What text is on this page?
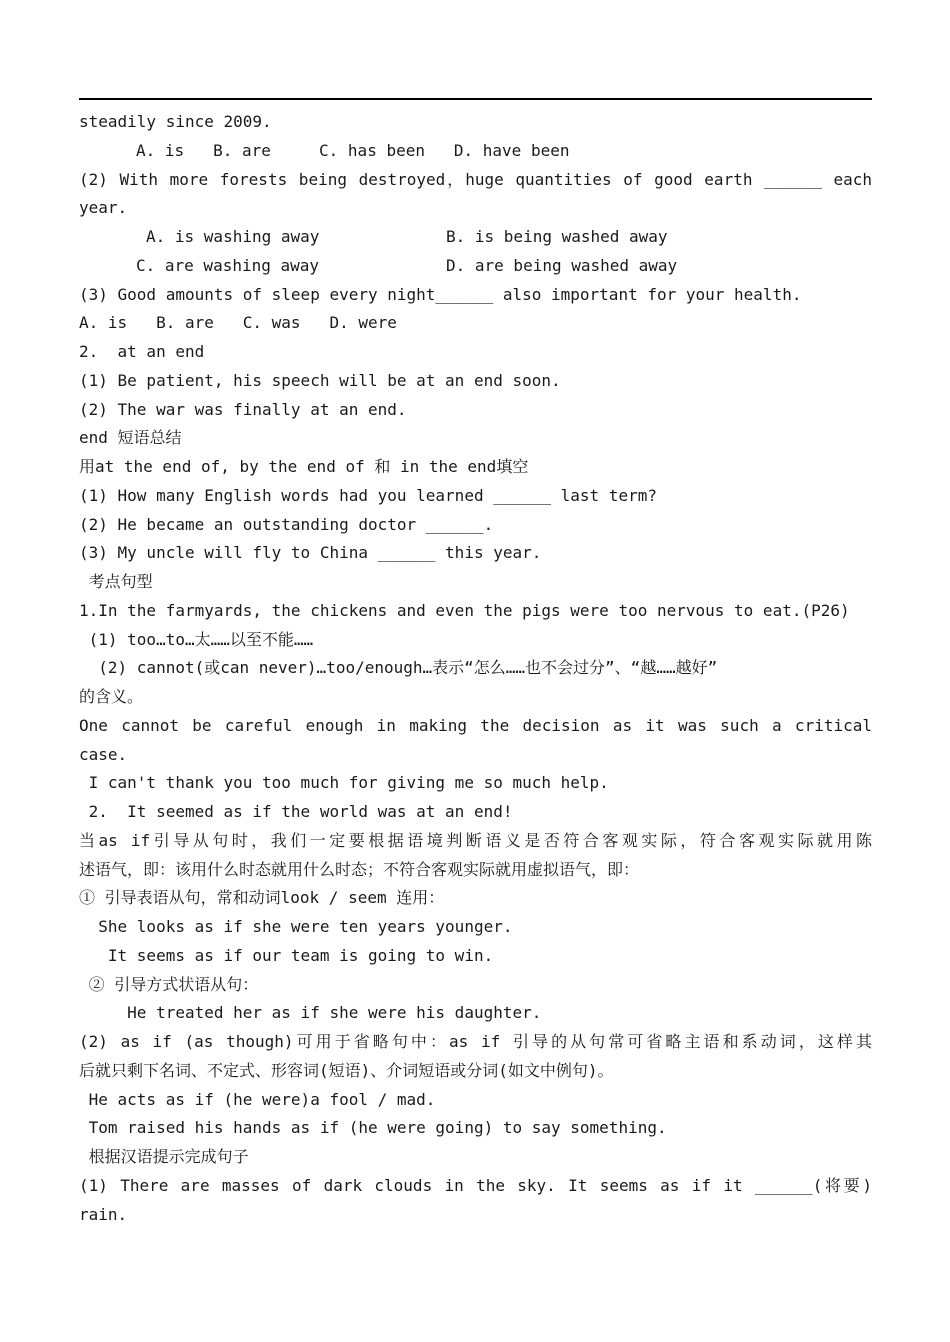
steadily since 2009.
A. is   B. are     C. has been   D. have been
(2) With more forests being destroyed，huge quantities of good earth ______ each
year.

A. is washing away

	B. is being washed away

C. are washing away

	D. are being washed away

(3) Good amounts of sleep every night______ also important for your health.
A. is   B. are   C. was   D. were
2.  at an end
(1) Be patient, his speech will be at an end soon.
(2) The war was finally at an end.
end 短语总结
用at the end of, by the end of 和 in the end填空
(1) How many English words had you learned ______ last term?
(2) He became an outstanding doctor ______.
(3) My uncle will fly to China ______ this year.
考点句型
1.In the farmyards, the chickens and even the pigs were too nervous to eat.(P26)
(1) too…to…太……以至不能……
(2) cannot(或can never)…too/enough…表示“怎么……也不会过分”、“越……越好”
的含义。
One cannot be careful enough in making the decision as it was such a critical
case.
I can't thank you too much for giving me so much help.
2.  It seemed as if the world was at an end!
当as if引导从句时，我们一定要根据语境判断语义是否符合客观实际，符合客观实际就用陈
述语气，即：该用什么时态就用什么时态；不符合客观实际就用虚拟语气，即：
① 引导表语从句，常和动词look / seem 连用：
She looks as if she were ten years younger.
It seems as if our team is going to win.
② 引导方式状语从句：
He treated her as if she were his daughter.
(2) as if (as though)可用于省略句中：as if 引导的从句常可省略主语和系动词，这样其
后就只剩下名词、不定式、形容词(短语)、介词短语或分词(如文中例句)。
He acts as if (he were)a fool / mad.
Tom raised his hands as if (he were going) to say something.
根据汉语提示完成句子
(1) There are masses of dark clouds in the sky. It seems as if it ______(将要)
rain.
